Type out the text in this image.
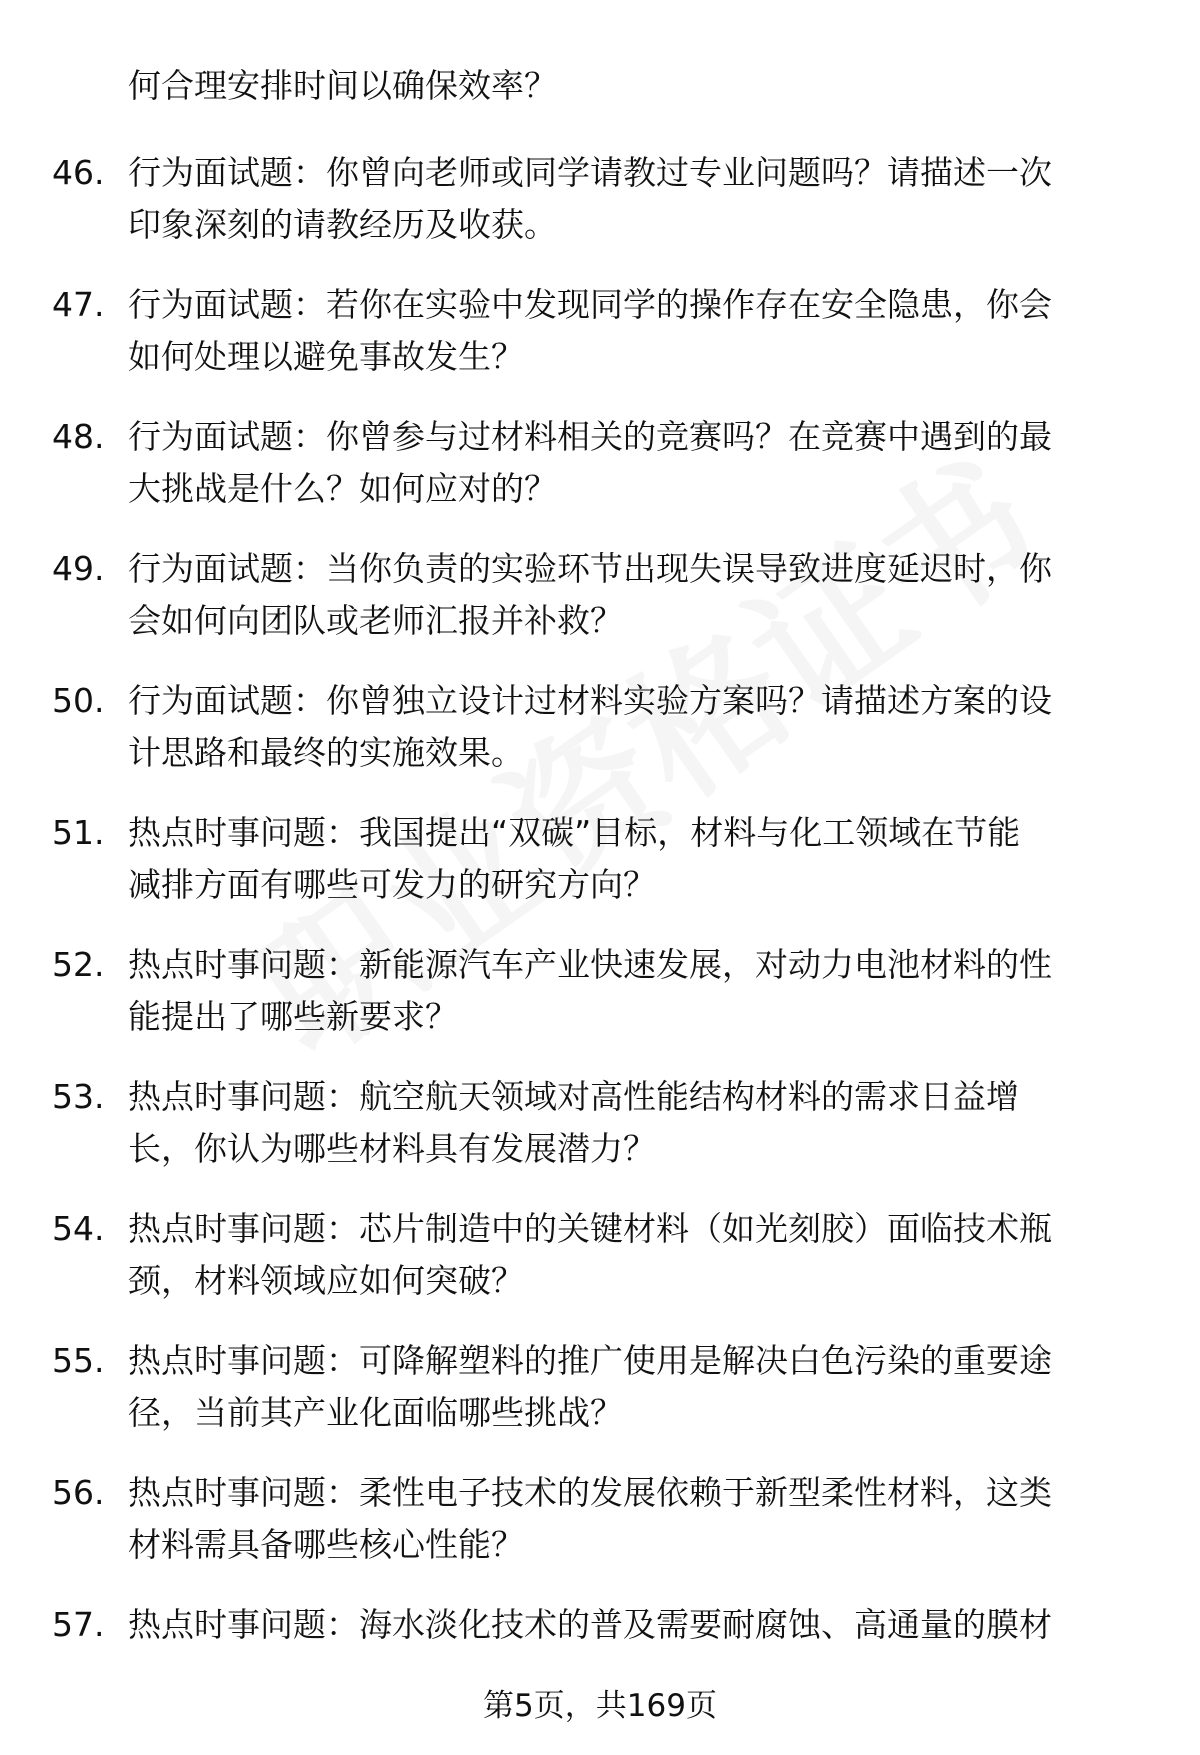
何合理安排时间以确保效率？
46. 行为面试题：你曾向老师或同学请教过专业问题吗？请描述一次
印象深刻的请教经历及收获。
47. 行为面试题：若你在实验中发现同学的操作存在安全隐患，你会
如何处理以避免事故发生？
48. 行为面试题：你曾参与过材料相关的竞赛吗？在竞赛中遇到的最
大挑战是什么？如何应对的？
49. 行为面试题：当你负责的实验环节出现失误导致进度延迟时，你
会如何向团队或老师汇报并补救？
50. 行为面试题：你曾独立设计过材料实验方案吗？请描述方案的设
计思路和最终的实施效果。
51. 热点时事问题：我国提出“双碳”目标，材料与化工领域在节能
减排方面有哪些可发力的研究方向？
52. 热点时事问题：新能源汽车产业快速发展，对动力电池材料的性
能提出了哪些新要求？
53. 热点时事问题：航空航天领域对高性能结构材料的需求日益增
长，你认为哪些材料具有发展潜力？
54. 热点时事问题：芯片制造中的关键材料（如光刻胶）面临技术瓶
颈，材料领域应如何突破？
55. 热点时事问题：可降解塑料的推广使用是解决白色污染的重要途
径，当前其产业化面临哪些挑战？
56. 热点时事问题：柔性电子技术的发展依赖于新型柔性材料，这类
材料需具备哪些核心性能？
57. 热点时事问题：海水淡化技术的普及需要耐腐蚀、高通量的膜材
第5页，共169页
